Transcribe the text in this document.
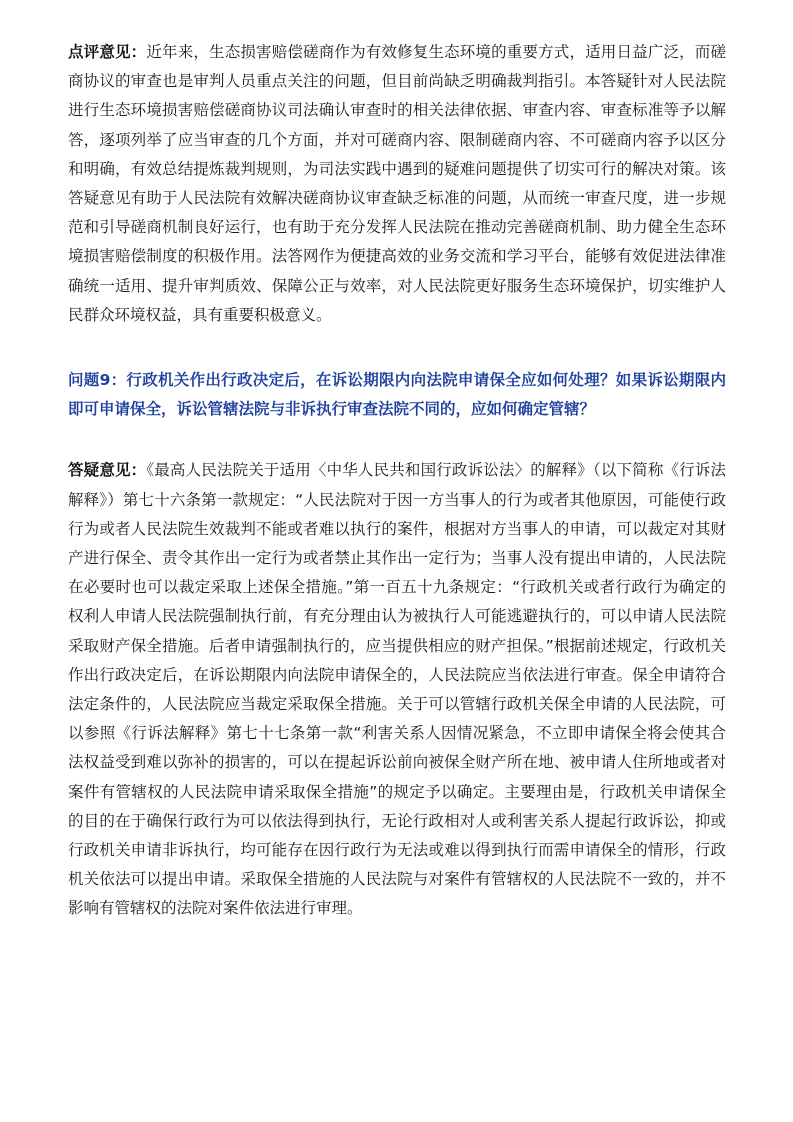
点评意见：近年来，生态损害赔偿磋商作为有效修复生态环境的重要方式，适用日益广泛，而磋商协议的审查也是审判人员重点关注的问题，但目前尚缺乏明确裁判指引。本答疑针对人民法院进行生态环境损害赔偿磋商协议司法确认审查时的相关法律依据、审查内容、审查标准等予以解答，逐项列举了应当审查的几个方面，并对可磋商内容、限制磋商内容、不可磋商内容予以区分和明确，有效总结提炼裁判规则，为司法实践中遇到的疑难问题提供了切实可行的解决对策。该答疑意见有助于人民法院有效解决磋商协议审查缺乏标准的问题，从而统一审查尺度，进一步规范和引导磋商机制良好运行，也有助于充分发挥人民法院在推动完善磋商机制、助力健全生态环境损害赔偿制度的积极作用。法答网作为便捷高效的业务交流和学习平台，能够有效促进法律准确统一适用、提升审判质效、保障公正与效率，对人民法院更好服务生态环境保护，切实维护人民群众环境权益，具有重要积极意义。

问题9：行政机关作出行政决定后，在诉讼期限内向法院申请保全应如何处理？如果诉讼期限内即可申请保全，诉讼管辖法院与非诉执行审查法院不同的，应如何确定管辖？

答疑意见：《最高人民法院关于适用〈中华人民共和国行政诉讼法〉的解释》（以下简称《行诉法解释》）第七十六条第一款规定：“人民法院对于因一方当事人的行为或者其他原因，可能使行政行为或者人民法院生效裁判不能或者难以执行的案件，根据对方当事人的申请，可以裁定对其财产进行保全、责令其作出一定行为或者禁止其作出一定行为；当事人没有提出申请的，人民法院在必要时也可以裁定采取上述保全措施。”第一百五十九条规定：“行政机关或者行政行为确定的权利人申请人民法院强制执行前，有充分理由认为被执行人可能逃避执行的，可以申请人民法院采取财产保全措施。后者申请强制执行的，应当提供相应的财产担保。”根据前述规定，行政机关作出行政决定后，在诉讼期限内向法院申请保全的，人民法院应当依法进行审查。保全申请符合法定条件的，人民法院应当裁定采取保全措施。关于可以管辖行政机关保全申请的人民法院，可以参照《行诉法解释》第七十七条第一款“利害关系人因情况紧急，不立即申请保全将会使其合法权益受到难以弥补的损害的，可以在提起诉讼前向被保全财产所在地、被申请人住所地或者对案件有管辖权的人民法院申请采取保全措施”的规定予以确定。主要理由是，行政机关申请保全的目的在于确保行政行为可以依法得到执行，无论行政相对人或利害关系人提起行政诉讼，抑或行政机关申请非诉执行，均可能存在因行政行为无法或难以得到执行而需申请保全的情形，行政机关依法可以提出申请。采取保全措施的人民法院与对案件有管辖权的人民法院不一致的，并不影响有管辖权的法院对案件依法进行审理。
